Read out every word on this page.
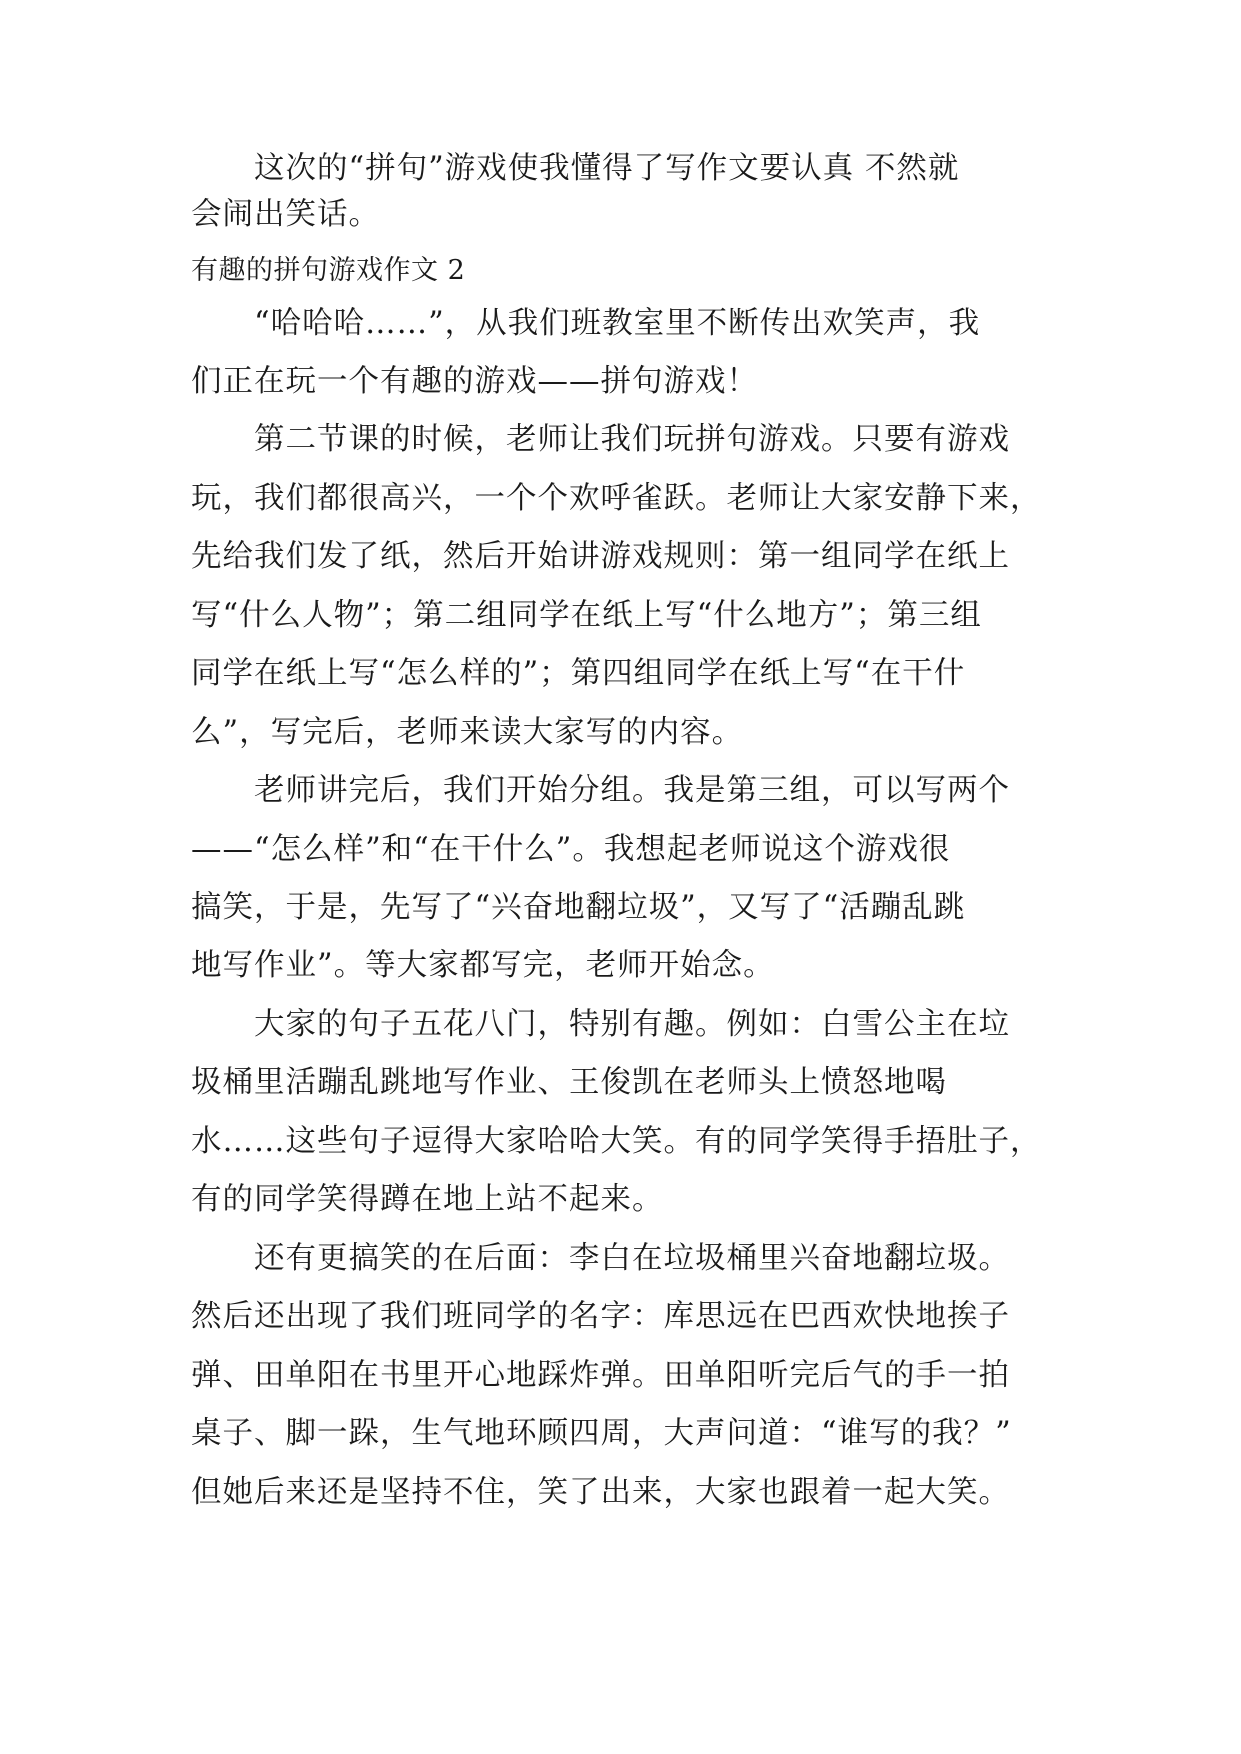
　　这次的“拼句”游戏使我懂得了写作文要认真 不然就
会闹出笑话。
有趣的拼句游戏作文 2
　　“哈哈哈……”，从我们班教室里不断传出欢笑声，我
们正在玩一个有趣的游戏——拼句游戏！
　　第二节课的时候，老师让我们玩拼句游戏。只要有游戏
玩，我们都很高兴，一个个欢呼雀跃。老师让大家安静下来，
先给我们发了纸，然后开始讲游戏规则：第一组同学在纸上
写“什么人物”；第二组同学在纸上写“什么地方”；第三组
同学在纸上写“怎么样的”；第四组同学在纸上写“在干什
么”，写完后，老师来读大家写的内容。
　　老师讲完后，我们开始分组。我是第三组，可以写两个
——“怎么样”和“在干什么”。我想起老师说这个游戏很
搞笑，于是，先写了“兴奋地翻垃圾”，又写了“活蹦乱跳
地写作业”。等大家都写完，老师开始念。
　　大家的句子五花八门，特别有趣。例如：白雪公主在垃
圾桶里活蹦乱跳地写作业、王俊凯在老师头上愤怒地喝
水……这些句子逗得大家哈哈大笑。有的同学笑得手捂肚子，
有的同学笑得蹲在地上站不起来。
　　还有更搞笑的在后面：李白在垃圾桶里兴奋地翻垃圾。
然后还出现了我们班同学的名字：库思远在巴西欢快地挨子
弹、田单阳在书里开心地踩炸弹。田单阳听完后气的手一拍
桌子、脚一跺，生气地环顾四周，大声问道：“谁写的我？”
但她后来还是坚持不住，笑了出来，大家也跟着一起大笑。
